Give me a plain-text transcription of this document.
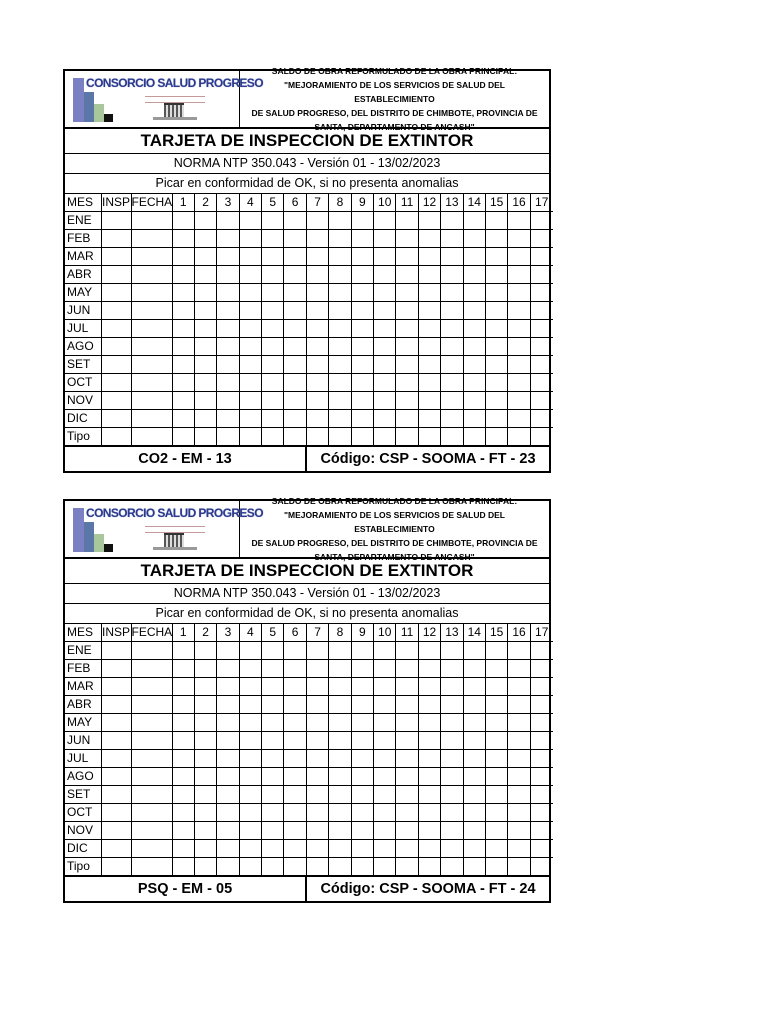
CONSORCIO SALUD PROGRESO
SALDO DE OBRA REFORMULADO DE LA OBRA PRINCIPAL:
"MEJORAMIENTO DE LOS SERVICIOS DE SALUD DEL ESTABLECIMIENTO
DE SALUD PROGRESO, DEL DISTRITO DE CHIMBOTE, PROVINCIA DE
SANTA, DEPARTAMENTO DE ANCASH"
TARJETA DE INSPECCION DE EXTINTOR
NORMA NTP 350.043 - Versión 01 - 13/02/2023
Picar en conformidad de OK, si no presenta anomalias
MES	INSP	FECHA	1	2	3	4	5	6	7	8	9	10	11	12	13	14	15	16	17
ENE																			
FEB																			
MAR																			
ABR																			
MAY																			
JUN																			
JUL																			
AGO																			
SET																			
OCT																			
NOV																			
DIC																			
Tipo																			
CO2 - EM - 13	Código: CSP - SOOMA - FT - 23
CONSORCIO SALUD PROGRESO
SALDO DE OBRA REFORMULADO DE LA OBRA PRINCIPAL:
"MEJORAMIENTO DE LOS SERVICIOS DE SALUD DEL ESTABLECIMIENTO
DE SALUD PROGRESO, DEL DISTRITO DE CHIMBOTE, PROVINCIA DE
SANTA, DEPARTAMENTO DE ANCASH"
TARJETA DE INSPECCION DE EXTINTOR
NORMA NTP 350.043 - Versión 01 - 13/02/2023
Picar en conformidad de OK, si no presenta anomalias
MES	INSP	FECHA	1	2	3	4	5	6	7	8	9	10	11	12	13	14	15	16	17
ENE																			
FEB																			
MAR																			
ABR																			
MAY																			
JUN																			
JUL																			
AGO																			
SET																			
OCT																			
NOV																			
DIC																			
Tipo																			
PSQ - EM - 05	Código: CSP - SOOMA - FT - 24
